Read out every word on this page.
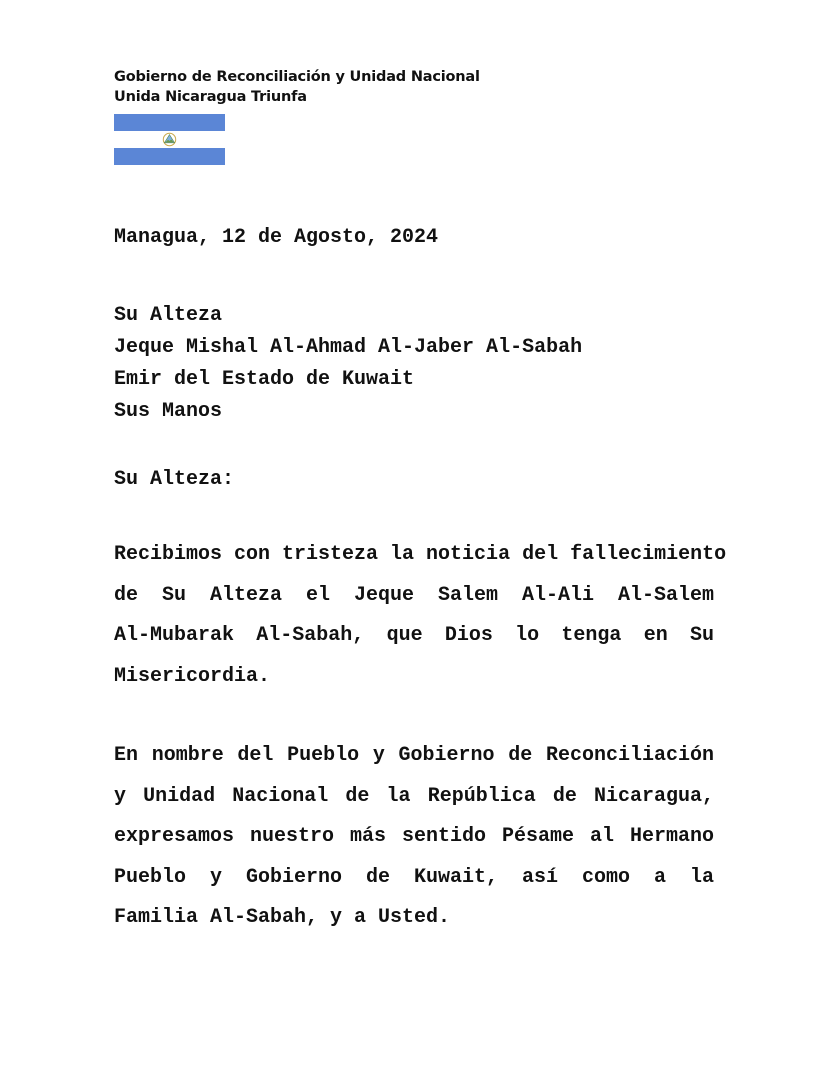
Gobierno de Reconciliación y Unidad Nacional
Unida Nicaragua Triunfa
Managua, 12 de Agosto, 2024
Su Alteza
Jeque Mishal Al-Ahmad Al-Jaber Al-Sabah
Emir del Estado de Kuwait
Sus Manos
Su Alteza:
Recibimos con tristeza la noticia del fallecimiento
de Su Alteza el Jeque Salem Al-Ali Al-Salem
Al-Mubarak Al-Sabah, que Dios lo tenga en Su
Misericordia.
En nombre del Pueblo y Gobierno de Reconciliación
y Unidad Nacional de la República de Nicaragua,
expresamos nuestro más sentido Pésame al Hermano
Pueblo y Gobierno de Kuwait, así como a la
Familia Al-Sabah, y a Usted.
